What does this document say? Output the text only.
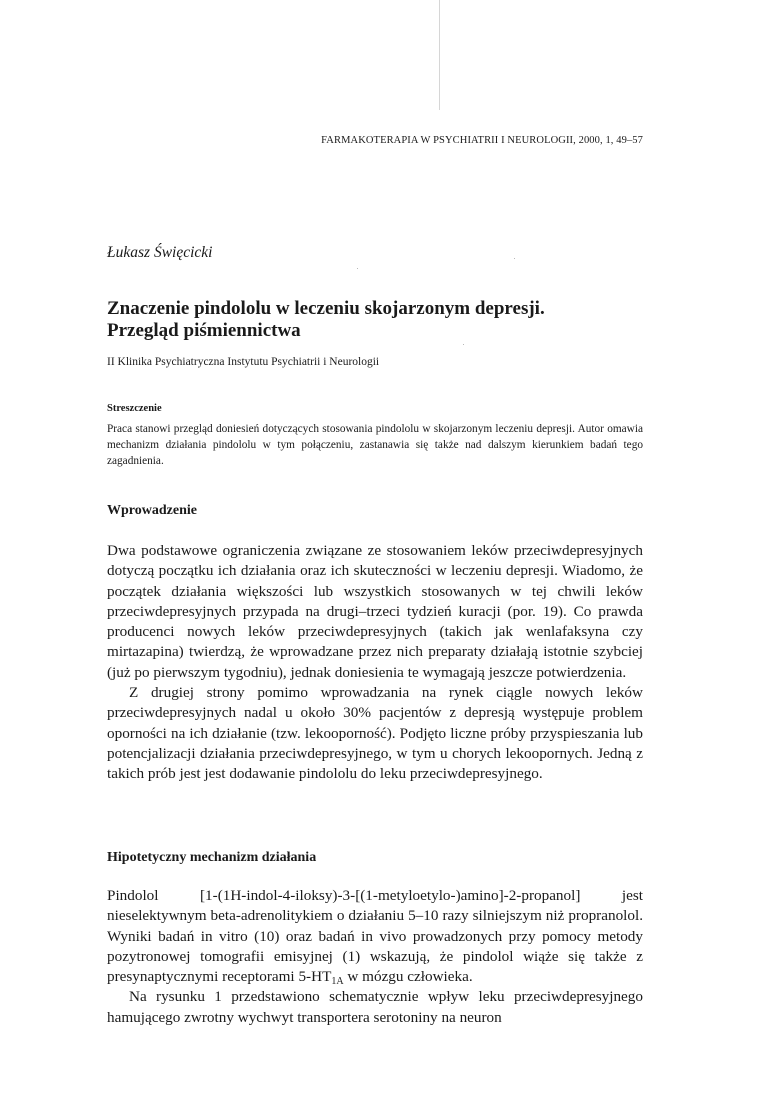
FARMAKOTERAPIA W PSYCHIATRII I NEUROLOGII, 2000, 1, 49–57
Łukasz Święcicki
Znaczenie pindololu w leczeniu skojarzonym depresji.
Przegląd piśmiennictwa
II Klinika Psychiatryczna Instytutu Psychiatrii i Neurologii
Streszczenie

Praca stanowi przegląd doniesień dotyczących stosowania pindololu w skojarzonym leczeniu depresji. Autor omawia mechanizm działania pindololu w tym połączeniu, zastanawia się także nad dalszym kierunkiem badań tego zagadnienia.

Wprowadzenie

Dwa podstawowe ograniczenia związane ze stosowaniem leków przeciwdepresyjnych dotyczą początku ich działania oraz ich skuteczności w leczeniu depresji. Wiadomo, że początek działania większości lub wszystkich stosowanych w tej chwili leków przeciwdepresyjnych przypada na drugi–trzeci tydzień kuracji (por. 19). Co prawda producenci nowych leków przeciwdepresyjnych (takich jak wenlafaksyna czy mirtazapina) twierdzą, że wprowadzane przez nich preparaty działają istotnie szybciej (już po pierwszym tygodniu), jednak doniesienia te wymagają jeszcze potwierdzenia.

Z drugiej strony pomimo wprowadzania na rynek ciągle nowych leków przeciwdepresyjnych nadal u około 30% pacjentów z depresją występuje problem oporności na ich działanie (tzw. lekooporność). Podjęto liczne próby przyspieszania lub potencjalizacji działania przeciwdepresyjnego, w tym u chorych lekoopornych. Jedną z takich prób jest jest dodawanie pindololu do leku przeciwdepresyjnego.

Hipotetyczny mechanizm działania

Pindolol [1-(1H-indol-4-iloksy)-3-[(1-metyloetylo-)amino]-2-propanol] jest nieselektywnym beta-adrenolitykiem o działaniu 5–10 razy silniejszym niż propranolol. Wyniki badań in vitro (10) oraz badań in vivo prowadzonych przy pomocy metody pozytronowej tomografii emisyjnej (1) wskazują, że pindolol wiąże się także z presynaptycznymi receptorami $5-HT_{1A}$ w mózgu człowieka.

Na rysunku 1 przedstawiono schematycznie wpływ leku przeciwdepresyjnego hamującego zwrotny wychwyt transportera serotoniny na neuron
